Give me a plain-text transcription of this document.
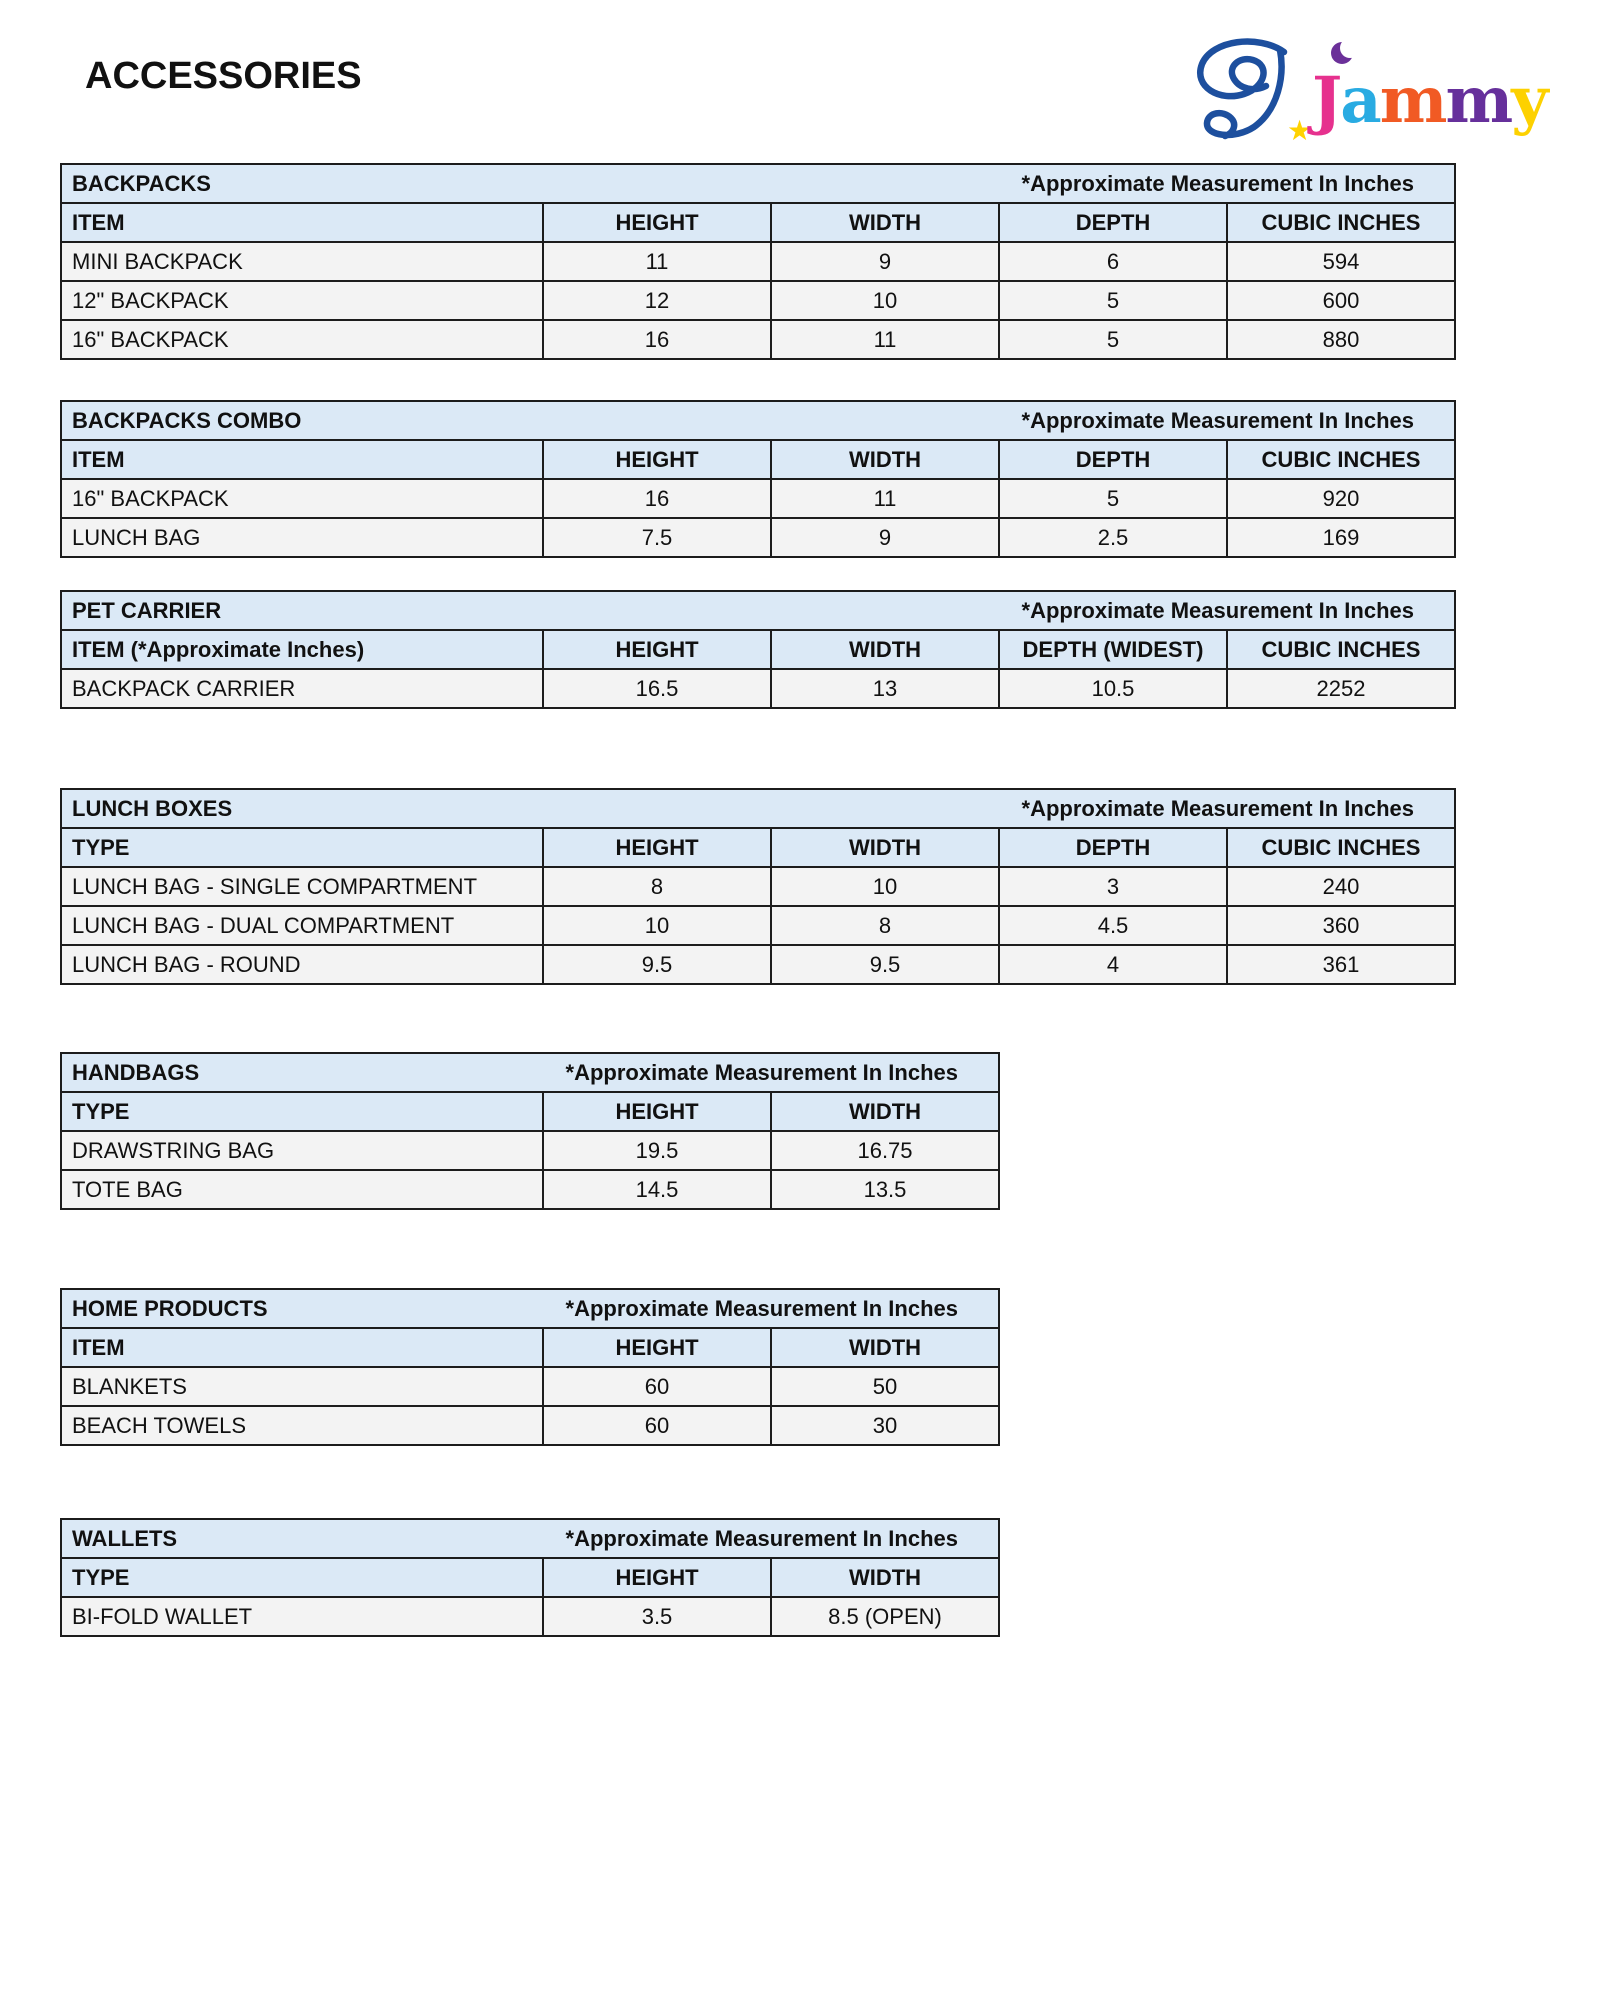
ACCESSORIES
★ Jammy
BACKPACKS *Approximate Measurement In Inches				

ITEM	HEIGHT	WIDTH	DEPTH	CUBIC INCHES
MINI BACKPACK	11	9	6	594
12" BACKPACK	12	10	5	600
16" BACKPACK	16	11	5	880
BACKPACKS COMBO *Approximate Measurement In Inches				

ITEM	HEIGHT	WIDTH	DEPTH	CUBIC INCHES
16" BACKPACK	16	11	5	920
LUNCH BAG	7.5	9	2.5	169
PET CARRIER *Approximate Measurement In Inches				

ITEM (*Approximate Inches)	HEIGHT	WIDTH	DEPTH (WIDEST)	CUBIC INCHES
BACKPACK CARRIER	16.5	13	10.5	2252
LUNCH BOXES *Approximate Measurement In Inches				

TYPE	HEIGHT	WIDTH	DEPTH	CUBIC INCHES
LUNCH BAG - SINGLE COMPARTMENT	8	10	3	240
LUNCH BAG - DUAL COMPARTMENT	10	8	4.5	360
LUNCH BAG - ROUND	9.5	9.5	4	361
HANDBAGS *Approximate Measurement In Inches		

TYPE	HEIGHT	WIDTH
DRAWSTRING BAG	19.5	16.75
TOTE BAG	14.5	13.5
HOME PRODUCTS *Approximate Measurement In Inches		

ITEM	HEIGHT	WIDTH
BLANKETS	60	50
BEACH TOWELS	60	30
WALLETS *Approximate Measurement In Inches		

TYPE	HEIGHT	WIDTH
BI-FOLD WALLET	3.5	8.5 (OPEN)
